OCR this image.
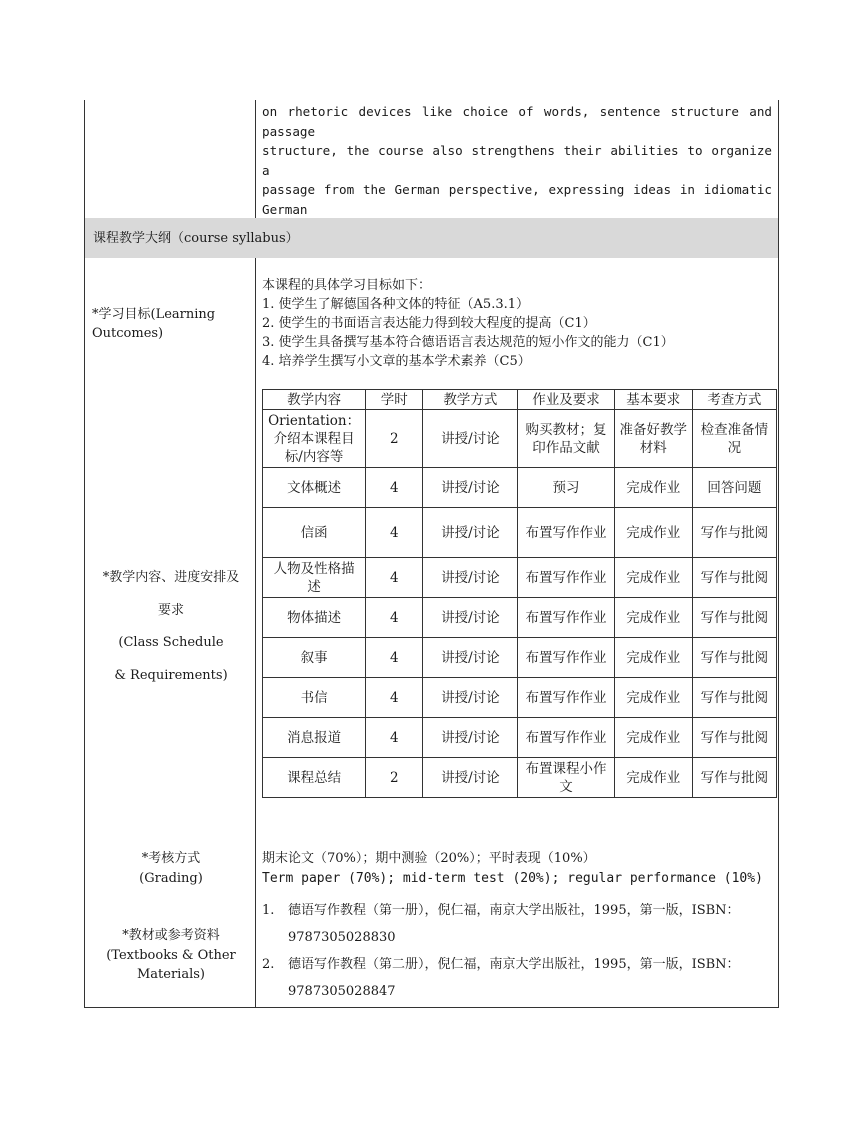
on rhetoric devices like choice of words, sentence structure and passage
structure, the course also strengthens their abilities to organize a
passage from the German perspective, expressing ideas in idiomatic German
课程教学大纲（course syllabus）
*学习目标(Learning
Outcomes)
本课程的具体学习目标如下：
1. 使学生了解德国各种文体的特征（A5.3.1）
2. 使学生的书面语言表达能力得到较大程度的提高（C1）
3. 使学生具备撰写基本符合德语语言表达规范的短小作文的能力（C1）
4. 培养学生撰写小文章的基本学术素养（C5）
*教学内容、进度安排及
要求
(Class Schedule
& Requirements)
教学内容	学时	教学方式	作业及要求	基本要求	考查方式
Orientation：介绍本课程目标/内容等	2	讲授/讨论	购买教材；复印作品文献	准备好教学材料	检查准备情况
文体概述	4	讲授/讨论	预习	完成作业	回答问题
信函	4	讲授/讨论	布置写作作业	完成作业	写作与批阅
人物及性格描述	4	讲授/讨论	布置写作作业	完成作业	写作与批阅
物体描述	4	讲授/讨论	布置写作作业	完成作业	写作与批阅
叙事	4	讲授/讨论	布置写作作业	完成作业	写作与批阅
书信	4	讲授/讨论	布置写作作业	完成作业	写作与批阅
消息报道	4	讲授/讨论	布置写作作业	完成作业	写作与批阅
课程总结	2	讲授/讨论	布置课程小作文	完成作业	写作与批阅
*考核方式
(Grading)
期末论文（70%）；期中测验（20%）；平时表现（10%）
Term paper (70%); mid-term test (20%); regular performance (10%)
*教材或参考资料
(Textbooks & Other
Materials)
1. 德语写作教程（第一册），倪仁福，南京大学出版社，1995，第一版，ISBN：
9787305028830
2. 德语写作教程（第二册），倪仁福，南京大学出版社，1995，第一版，ISBN：
9787305028847
